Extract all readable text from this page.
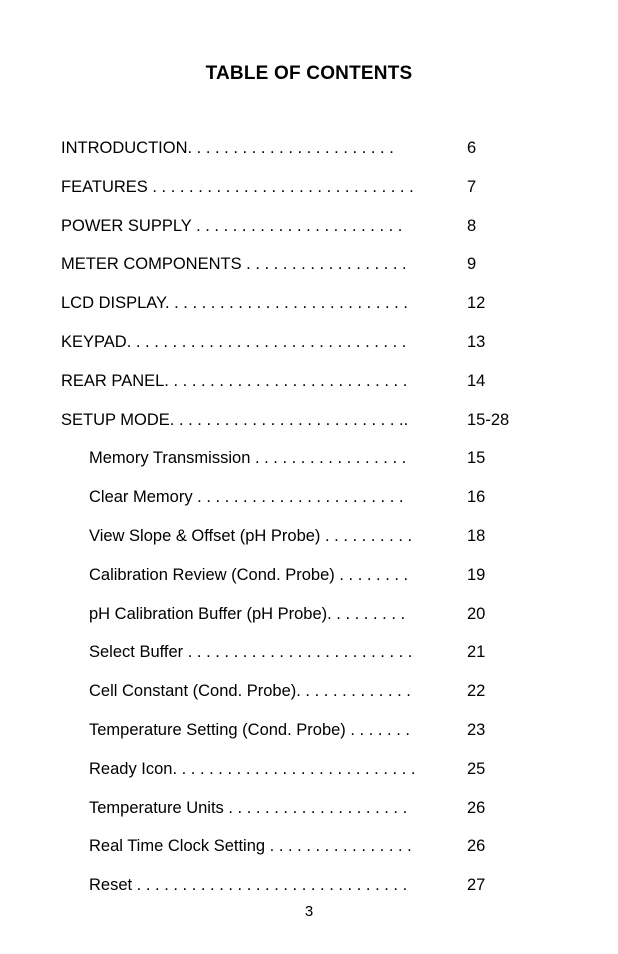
TABLE OF CONTENTS
INTRODUCTION. . . . . . . . . . . . . . . . . . . . . . .	6
FEATURES . . . . . . . . . . . . . . . . . . . . . . . . . . . . .	7
POWER SUPPLY . . . . . . . . . . . . . . . . . . . . . . .	8
METER COMPONENTS . . . . . . . . . . . . . . . . . .	9
LCD DISPLAY. . . . . . . . . . . . . . . . . . . . . . . . . . .	12
KEYPAD. . . . . . . . . . . . . . . . . . . . . . . . . . . . . . .	13
REAR PANEL. . . . . . . . . . . . . . . . . . . . . . . . . . .	14
SETUP MODE. . . . . . . . . . . . . . . . . . . . . . . . . ..	15-28
Memory Transmission . . . . . . . . . . . . . . . . .	15
Clear Memory . . . . . . . . . . . . . . . . . . . . . . .	16
View Slope & Offset (pH Probe) . . . . . . . . . .	18
Calibration Review (Cond. Probe) . . . . . . . .	19
pH Calibration Buffer (pH Probe). . . . . . . . .	20
Select Buffer . . . . . . . . . . . . . . . . . . . . . . . . .	21
Cell Constant (Cond. Probe). . . . . . . . . . . . .	22
Temperature Setting (Cond. Probe) . . . . . . .	23
Ready Icon. . . . . . . . . . . . . . . . . . . . . . . . . . .	25
Temperature Units . . . . . . . . . . . . . . . . . . . .	26
Real Time Clock Setting . . . . . . . . . . . . . . . .	26
Reset . . . . . . . . . . . . . . . . . . . . . . . . . . . . . .	27
3
